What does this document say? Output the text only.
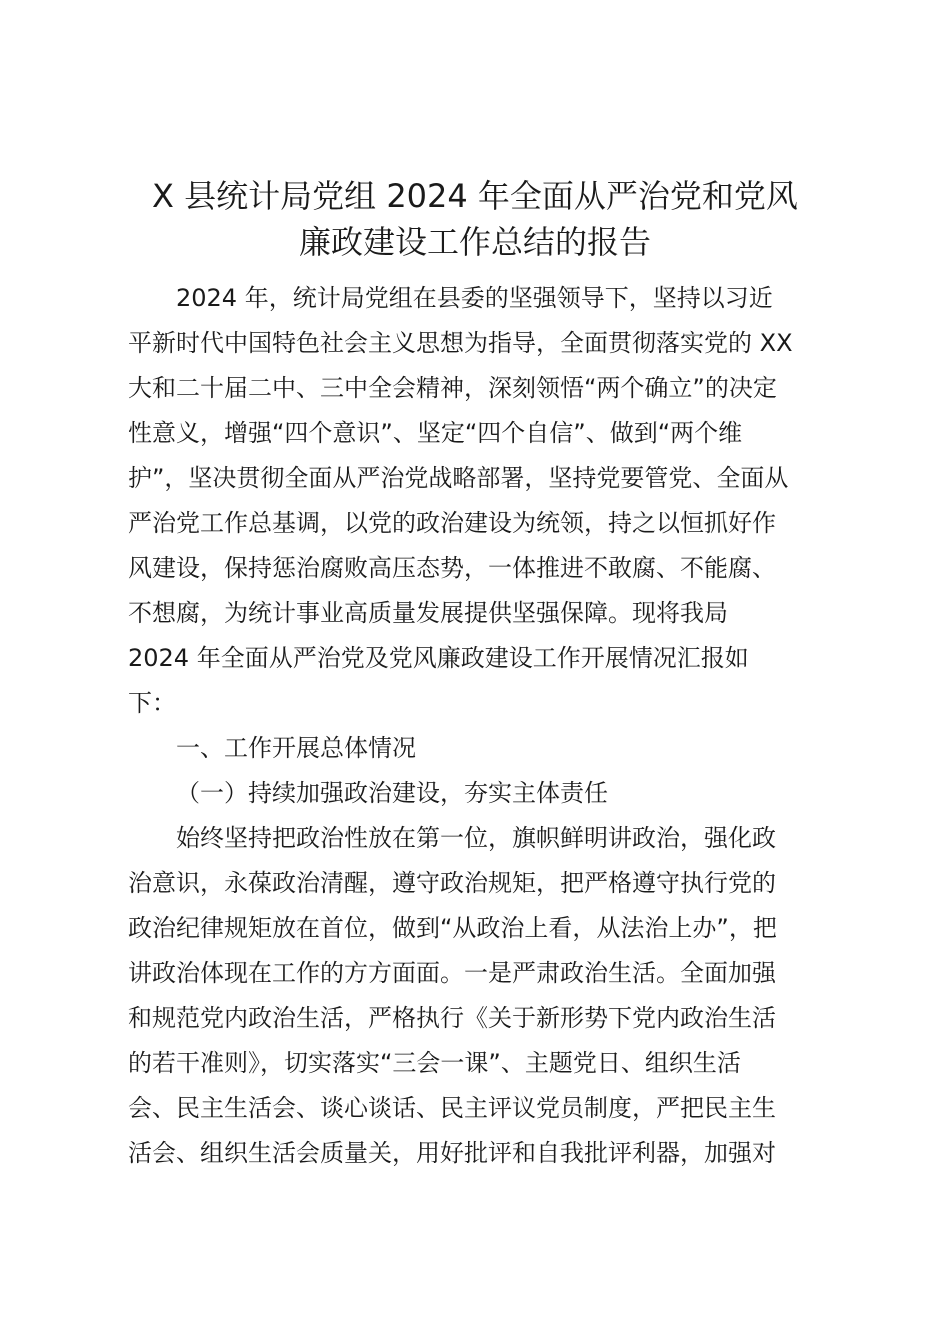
X 县统计局党组 2024 年全面从严治党和党风
廉政建设工作总结的报告
2024 年，统计局党组在县委的坚强领导下，坚持以习近
平新时代中国特色社会主义思想为指导，全面贯彻落实党的 XX
大和二十届二中、三中全会精神，深刻领悟“两个确立”的决定
性意义，增强“四个意识”、坚定“四个自信”、做到“两个维
护”，坚决贯彻全面从严治党战略部署，坚持党要管党、全面从
严治党工作总基调，以党的政治建设为统领，持之以恒抓好作
风建设，保持惩治腐败高压态势，一体推进不敢腐、不能腐、
不想腐，为统计事业高质量发展提供坚强保障。现将我局
2024 年全面从严治党及党风廉政建设工作开展情况汇报如
下：
一、工作开展总体情况
（一）持续加强政治建设，夯实主体责任
始终坚持把政治性放在第一位，旗帜鲜明讲政治，强化政
治意识，永葆政治清醒，遵守政治规矩，把严格遵守执行党的
政治纪律规矩放在首位，做到“从政治上看，从法治上办”，把
讲政治体现在工作的方方面面。一是严肃政治生活。全面加强
和规范党内政治生活，严格执行《关于新形势下党内政治生活
的若干准则》，切实落实“三会一课”、主题党日、组织生活
会、民主生活会、谈心谈话、民主评议党员制度，严把民主生
活会、组织生活会质量关，用好批评和自我批评利器，加强对
